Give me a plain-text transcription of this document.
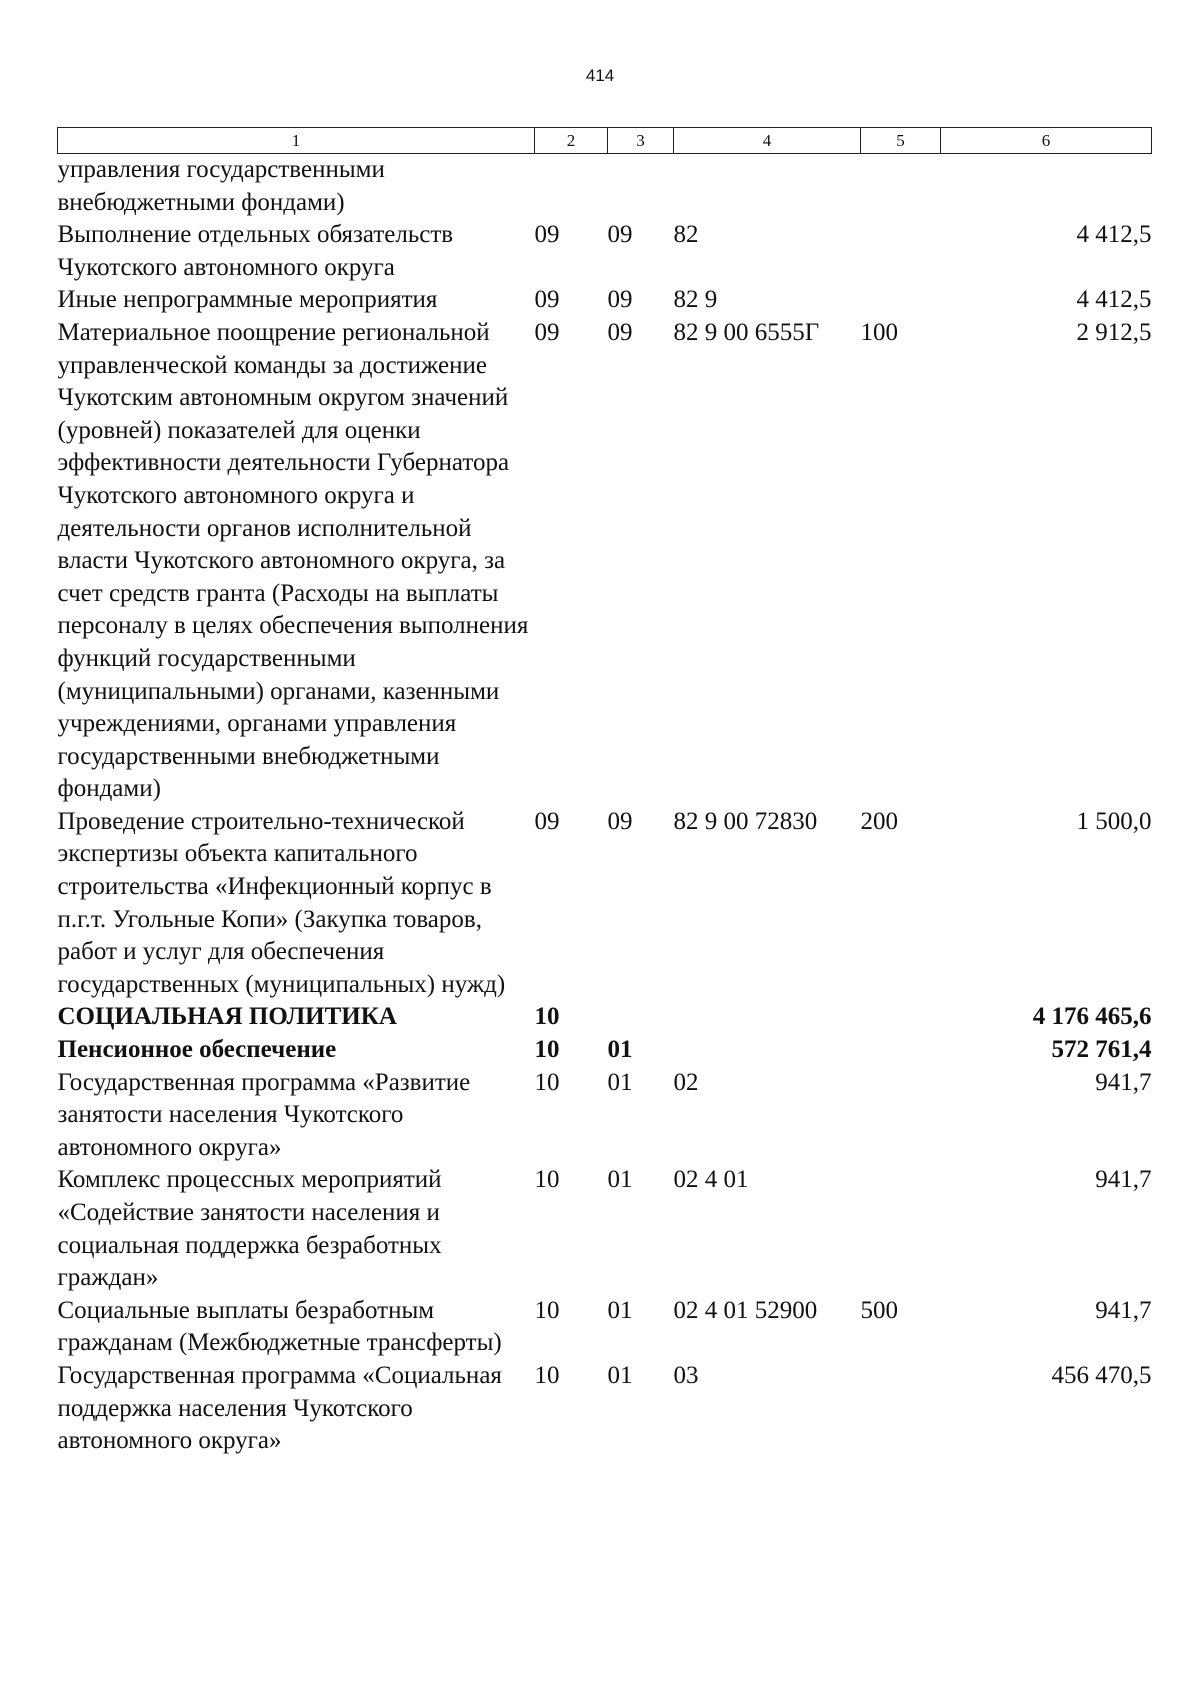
414
1	2	3	4	5	6
управления государственными внебюджетными фондами)					
Выполнение отдельных обязательств Чукотского автономного округа	09	09	82		4 412,5
Иные непрограммные мероприятия	09	09	82 9		4 412,5
Материальное поощрение региональной управленческой команды за достижение Чукотским автономным округом значений (уровней) показателей для оценки эффективности деятельности Губернатора Чукотского автономного округа и деятельности органов исполнительной власти Чукотского автономного округа, за счет средств гранта (Расходы на выплаты персоналу в целях обеспечения выполнения функций государственными (муниципальными) органами, казенными учреждениями, органами управления государственными внебюджетными фондами)	09	09	82 9 00 6555Г	100	2 912,5
Проведение строительно-технической экспертизы объекта капитального строительства «Инфекционный корпус в п.г.т. Угольные Копи» (Закупка товаров, работ и услуг для обеспечения государственных (муниципальных) нужд)	09	09	82 9 00 72830	200	1 500,0
СОЦИАЛЬНАЯ ПОЛИТИКА	10				4 176 465,6
Пенсионное обеспечение	10	01			572 761,4
Государственная программа «Развитие занятости населения Чукотского автономного округа»	10	01	02		941,7
Комплекс процессных мероприятий «Содействие занятости населения и социальная поддержка безработных граждан»	10	01	02 4 01		941,7
Социальные выплаты безработным гражданам (Межбюджетные трансферты)	10	01	02 4 01 52900	500	941,7
Государственная программа «Социальная поддержка населения Чукотского автономного округа»	10	01	03		456 470,5
